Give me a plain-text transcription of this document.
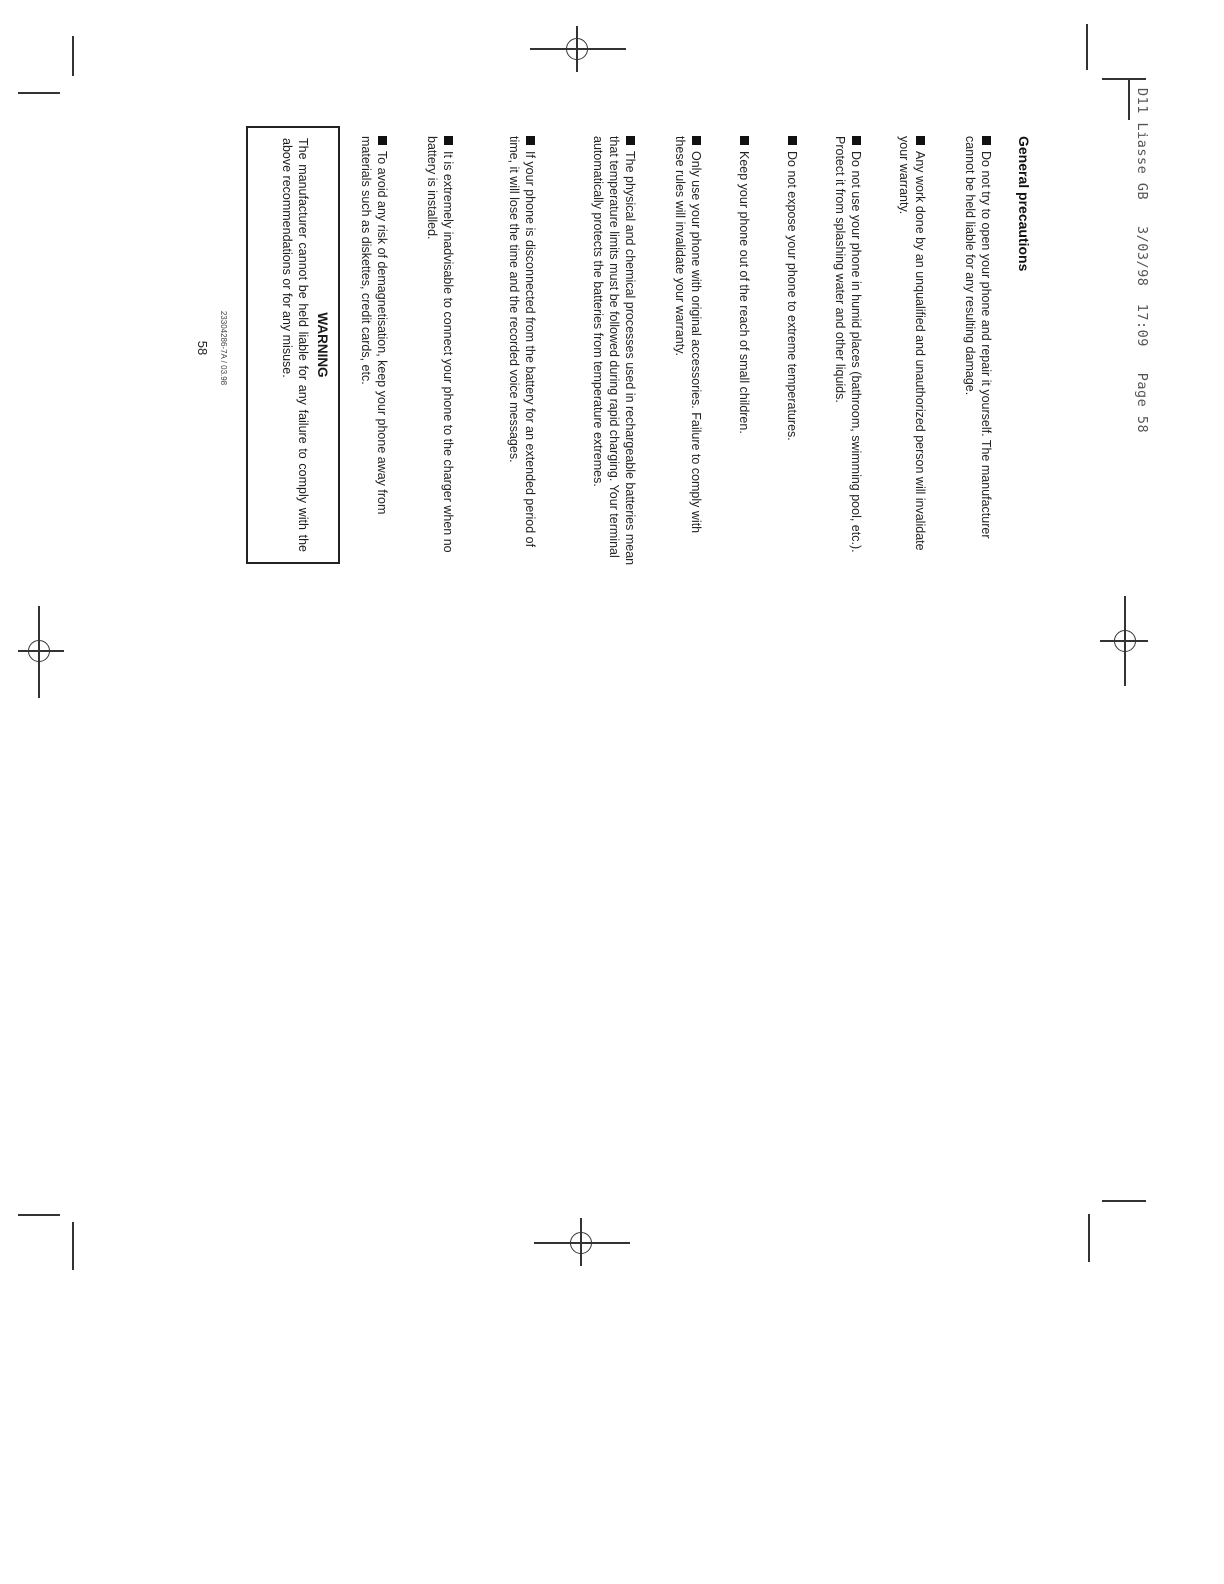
D11 Liasse GB   3/03/98  17:09   Page 58
General precautions
Do not try to open your phone and repair it yourself. The manufacturer cannot be held liable for any resulting damage.
Any work done by an unqualified and unauthorized person will invalidate your warranty.
Do not use your phone in humid places (bathroom, swimming pool, etc.). Protect it from splashing water and other liquids.
Do not expose your phone to extreme temperatures.
Keep your phone out of the reach of small children.
Only use your phone with original accessories. Failure to comply with these rules will invalidate your warranty.
The physical and chemical processes used in rechargeable batteries mean that temperature limits must be followed during rapid charging. Your terminal automatically protects the batteries from temperature extremes.
If your phone is disconnected from the battery for an extended period of time, it will lose the time and the recorded voice messages.
It is extremely inadvisable to connect your phone to the charger when no battery is installed.
To avoid any risk of demagnetisation, keep your phone away from materials such as diskettes, credit cards, etc.
WARNING
The manufacturer cannot be held liable for any failure to comply with the above recommendations or for any misuse.
23304286-7A / 03.98
58
